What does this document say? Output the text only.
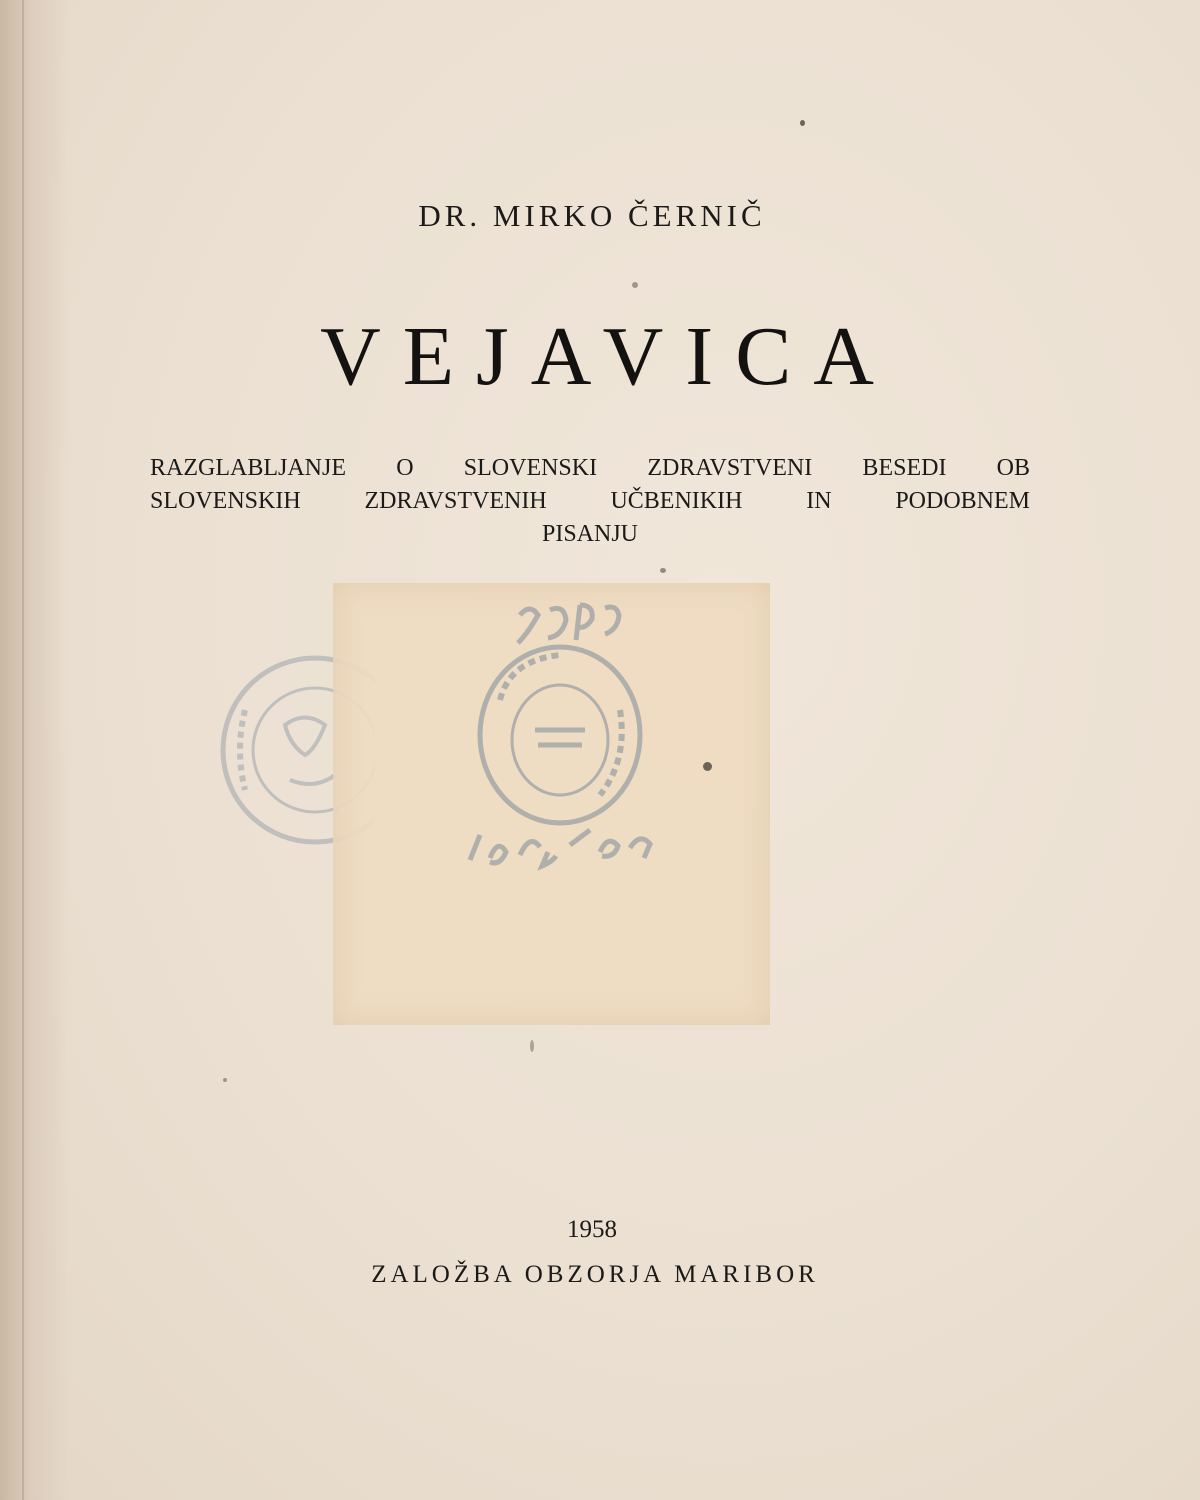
DR. MIRKO ČERNIČ
VEJAVICA
RAZGLABLJANJE O SLOVENSKI ZDRAVSTVENI BESEDI OB
SLOVENSKIH ZDRAVSTVENIH UČBENIKIH IN PODOBNEM
PISANJU
1958
ZALOŽBA OBZORJA MARIBOR
